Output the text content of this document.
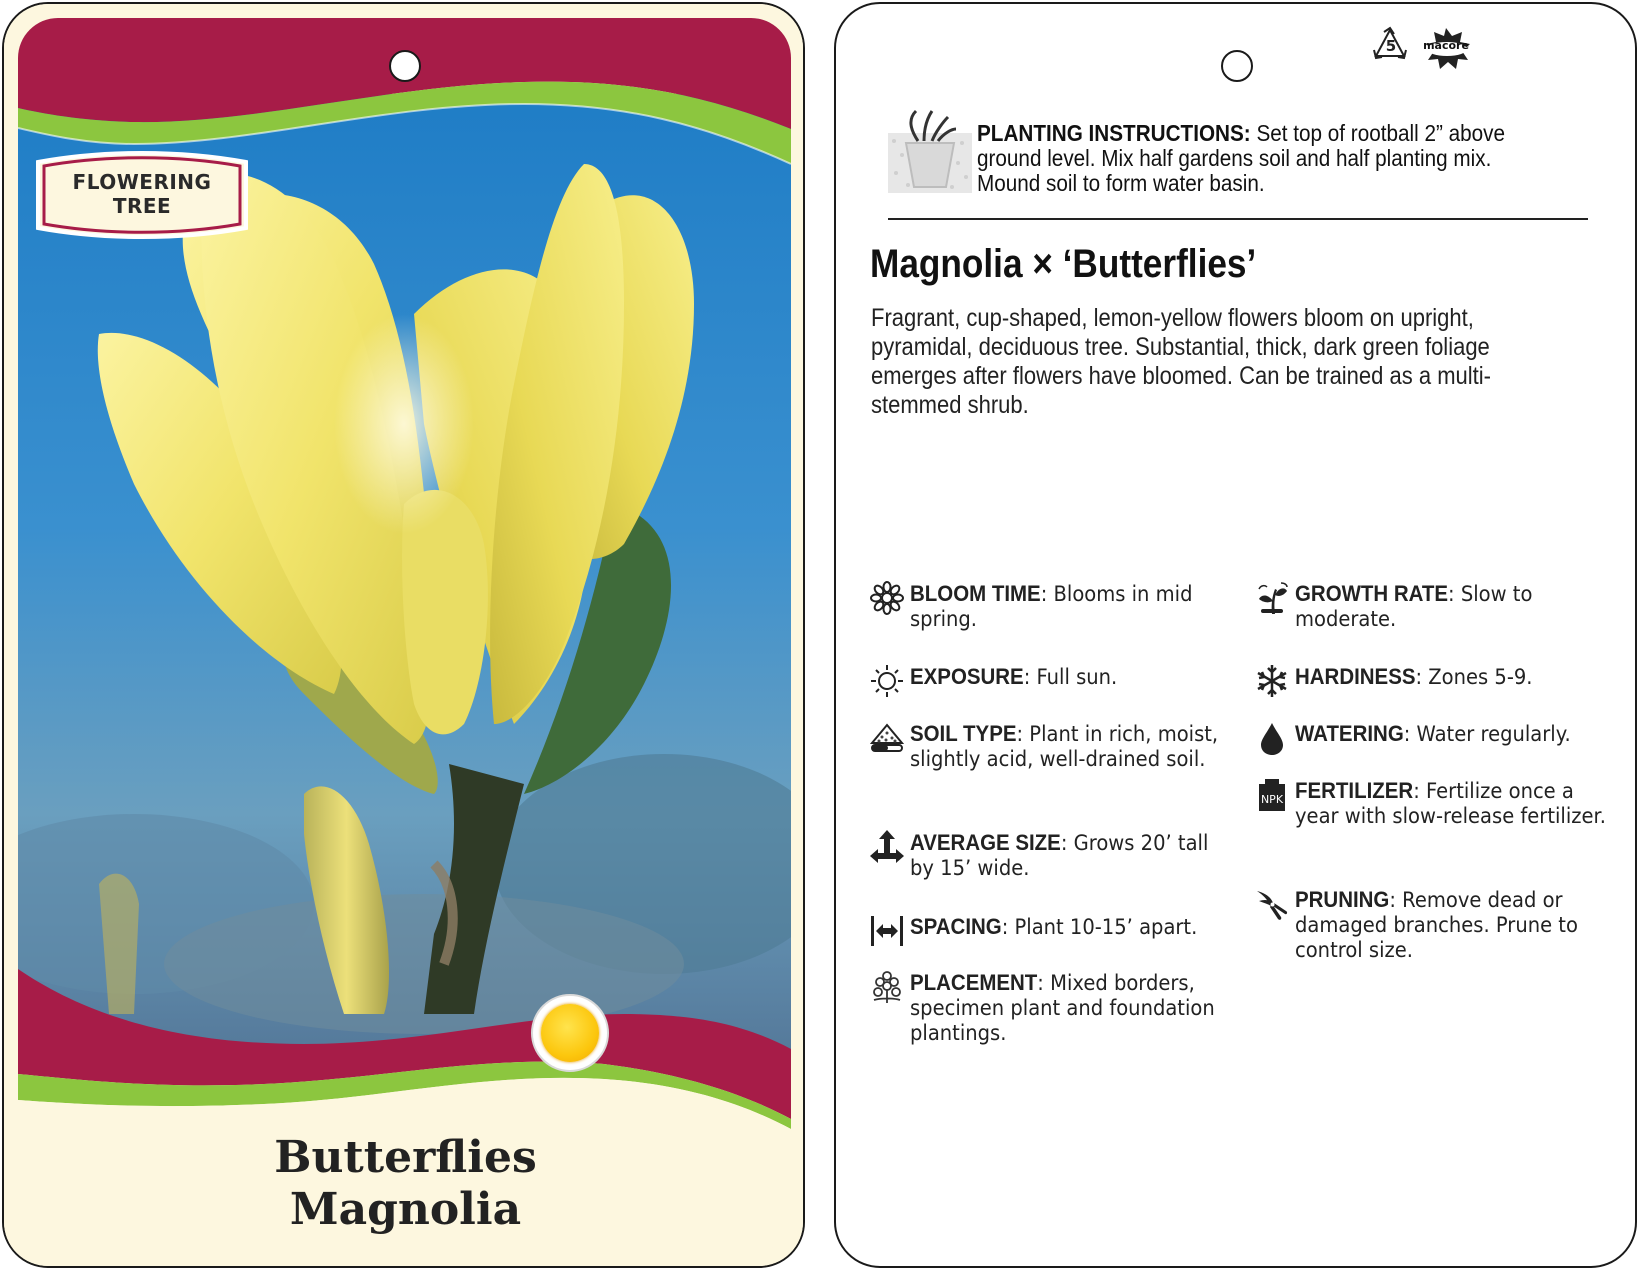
FLOWERING
TREE
Butterflies
Magnolia
5	macore
PLANTING INSTRUCTIONS: Set top of rootball 2” above ground level. Mix half gardens soil and half planting mix. Mound soil to form water basin.
Magnolia × ‘Butterflies’
Fragrant, cup-shaped, lemon-yellow flowers bloom on upright, pyramidal, deciduous tree. Substantial, thick, dark green foliage emerges after flowers have bloomed. Can be trained as a multi-stemmed shrub.
BLOOM TIME: Blooms in mid spring.
EXPOSURE: Full sun.
SOIL TYPE: Plant in rich, moist, slightly acid, well-drained soil.
AVERAGE SIZE: Grows 20’ tall by 15’ wide.
SPACING: Plant 10-15’ apart.
PLACEMENT: Mixed borders, specimen plant and foundation plantings.
GROWTH RATE: Slow to moderate.
HARDINESS: Zones 5-9.
WATERING: Water regularly.
NPK FERTILIZER: Fertilize once a year with slow-release fertilizer.
PRUNING: Remove dead or damaged branches. Prune to control size.
